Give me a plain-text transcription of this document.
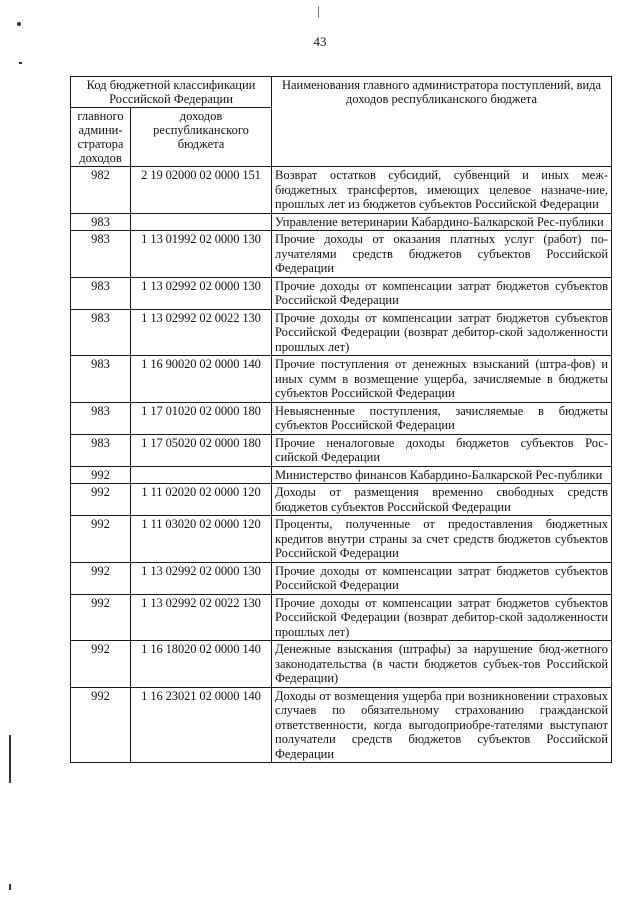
43
Код бюджетной классификации Российской Федерации		Наименования главного администратора поступлений, вида доходов республиканского бюджета
главного админи-стратора доходов	доходов республиканского бюджета	
982	2 19 02000 02 0000 151	Возврат остатков субсидий, субвенций и иных меж-бюджетных трансфертов, имеющих целевое назначе-ние, прошлых лет из бюджетов субъектов Российской Федерации
983		Управление ветеринарии Кабардино-Балкарской Рес-публики
983	1 13 01992 02 0000 130	Прочие доходы от оказания платных услуг (работ) по-лучателями средств бюджетов субъектов Российской Федерации
983	1 13 02992 02 0000 130	Прочие доходы от компенсации затрат бюджетов субъектов Российской Федерации
983	1 13 02992 02 0022 130	Прочие доходы от компенсации затрат бюджетов субъектов Российской Федерации (возврат дебитор-ской задолженности прошлых лет)
983	1 16 90020 02 0000 140	Прочие поступления от денежных взысканий (штра-фов) и иных сумм в возмещение ущерба, зачисляемые в бюджеты субъектов Российской Федерации
983	1 17 01020 02 0000 180	Невыясненные поступления, зачисляемые в бюджеты субъектов Российской Федерации
983	1 17 05020 02 0000 180	Прочие неналоговые доходы бюджетов субъектов Рос-сийской Федерации
992		Министерство финансов Кабардино-Балкарской Рес-публики
992	1 11 02020 02 0000 120	Доходы от размещения временно свободных средств бюджетов субъектов Российской Федерации
992	1 11 03020 02 0000 120	Проценты, полученные от предоставления бюджетных кредитов внутри страны за счет средств бюджетов субъектов Российской Федерации
992	1 13 02992 02 0000 130	Прочие доходы от компенсации затрат бюджетов субъектов Российской Федерации
992	1 13 02992 02 0022 130	Прочие доходы от компенсации затрат бюджетов субъектов Российской Федерации (возврат дебитор-ской задолженности прошлых лет)
992	1 16 18020 02 0000 140	Денежные взыскания (штрафы) за нарушение бюд-жетного законодательства (в части бюджетов субъек-тов Российской Федерации)
992	1 16 23021 02 0000 140	Доходы от возмещения ущерба при возникновении страховых случаев по обязательному страхованию гражданской ответственности, когда выгодоприобре-тателями выступают получатели средств бюджетов субъектов Российской Федерации
